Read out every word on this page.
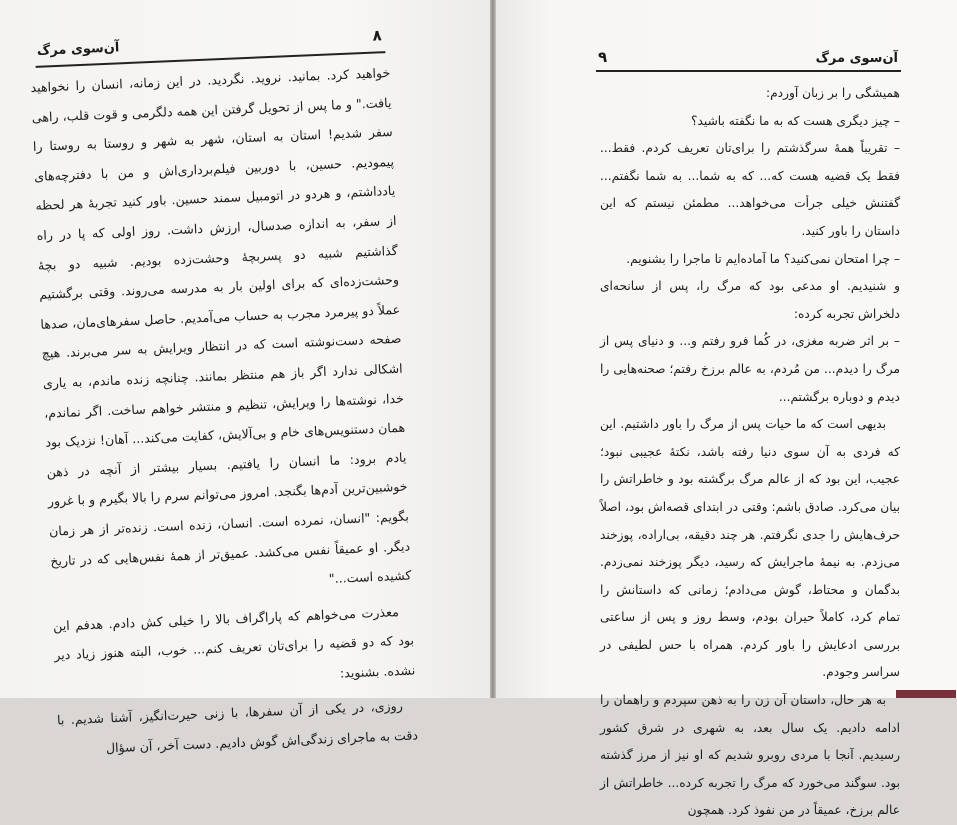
آن‌سوی مرگ
۸

خواهید کرد. بمانید. نروید. نگردید. در این زمانه، انسان را نخواهید یافت." و ما پس از تحویل گرفتن این همه دلگرمی و قوت قلب، راهی سفر شدیم! استان به استان، شهر به شهر و روستا به روستا را پیمودیم. حسین، با دوربین فیلم‌برداری‌اش و من با دفترچه‌های یادداشتم، و هردو در اتومبیل سمند حسین. باور کنید تجربهٔ هر لحظه از سفر، به اندازه صدسال، ارزش داشت. روز اولی که پا در راه گذاشتیم شبیه دو پسربچهٔ وحشت‌زده بودیم. شبیه دو بچهٔ وحشت‌زده‌ای که برای اولین بار به مدرسه می‌روند. وقتی برگشتیم عملاً دو پیرمرد مجرب به حساب می‌آمدیم. حاصل سفرهای‌مان، صدها صفحه دست‌نوشته است که در انتظار ویرایش به سر می‌برند. هیچ اشکالی ندارد اگر باز هم منتظر بمانند. چنانچه زنده ماندم، به یاری خدا، نوشته‌ها را ویرایش، تنظیم و منتشر خواهم ساخت. اگر نماندم، همان دستنویس‌های خام و بی‌آلایش، کفایت می‌کند... آهان! نزدیک بود یادم برود: ما انسان را یافتیم. بسیار بیشتر از آنچه در ذهن خوشبین‌ترین آدم‌ها بگنجد. امروز می‌توانم سرم را بالا بگیرم و با غرور بگویم: "انسان، نمرده است. انسان، زنده است. زنده‌تر از هر زمان دیگر. او عمیقاً نفس می‌کشد. عمیق‌تر از همهٔ نفس‌هایی که در تاریخ کشیده است..."

معذرت می‌خواهم که پاراگراف بالا را خیلی کش دادم. هدفم این بود که دو قضیه را برای‌تان تعریف کنم... خوب، البته هنوز زیاد دیر نشده. بشنوید:

روزی، در یکی از آن سفرها، با زنی حیرت‌انگیز، آشنا شدیم. با دقت به ماجرای زندگی‌اش گوش دادیم. دست آخر، آن سؤال

۹	آن‌سوی مرگ

همیشگی را بر زبان آوردم:

– چیز دیگری هست که به ما نگفته باشید؟

– تقریباً همهٔ سرگذشتم را برای‌تان تعریف کردم. فقط... فقط یک قضیه هست که... که به شما... به شما نگفتم... گفتنش خیلی جرأت می‌خواهد... مطمئن نیستم که این داستان را باور کنید.

– چرا امتحان نمی‌کنید؟ ما آماده‌ایم تا ماجرا را بشنویم.

و شنیدیم. او مدعی بود که مرگ را، پس از سانحه‌ای دلخراش تجربه کرده:

– بر اثر ضربه مغزی، در کُما فرو رفتم و... و دنیای پس از مرگ را دیدم... من مُردم، به عالم برزخ رفتم؛ صحنه‌هایی را دیدم و دوباره برگشتم...

بدیهی است که ما حیات پس از مرگ را باور داشتیم. این که فردی به آن سوی دنیا رفته باشد، نکتهٔ عجیبی نبود؛ عجیب، این بود که از عالم مرگ برگشته بود و خاطراتش را بیان می‌کرد. صادق باشم: وقتی در ابتدای قصه‌اش بود، اصلاً حرف‌هایش را جدی نگرفتم. هر چند دقیقه، بی‌اراده، پوزخند می‌زدم. به نیمهٔ ماجرایش که رسید، دیگر پوزخند نمی‌زدم. بدگمان و محتاط، گوش می‌دادم؛ زمانی که داستانش را تمام کرد، کاملاً حیران بودم، وسط روز و پس از ساعتی بررسی ادعایش را باور کردم. همراه با حس لطیفی در سراسر وجودم.

به هر حال، داستان آن زن را به ذهن سپردم و راهمان را ادامه دادیم. یک سال بعد، به شهری در شرق کشور رسیدیم. آنجا با مردی روبرو شدیم که او نیز از مرز گذشته بود. سوگند می‌خورد که مرگ را تجربه کرده... خاطراتش از عالم برزخ، عمیقاً در من نفوذ کرد. همچون
